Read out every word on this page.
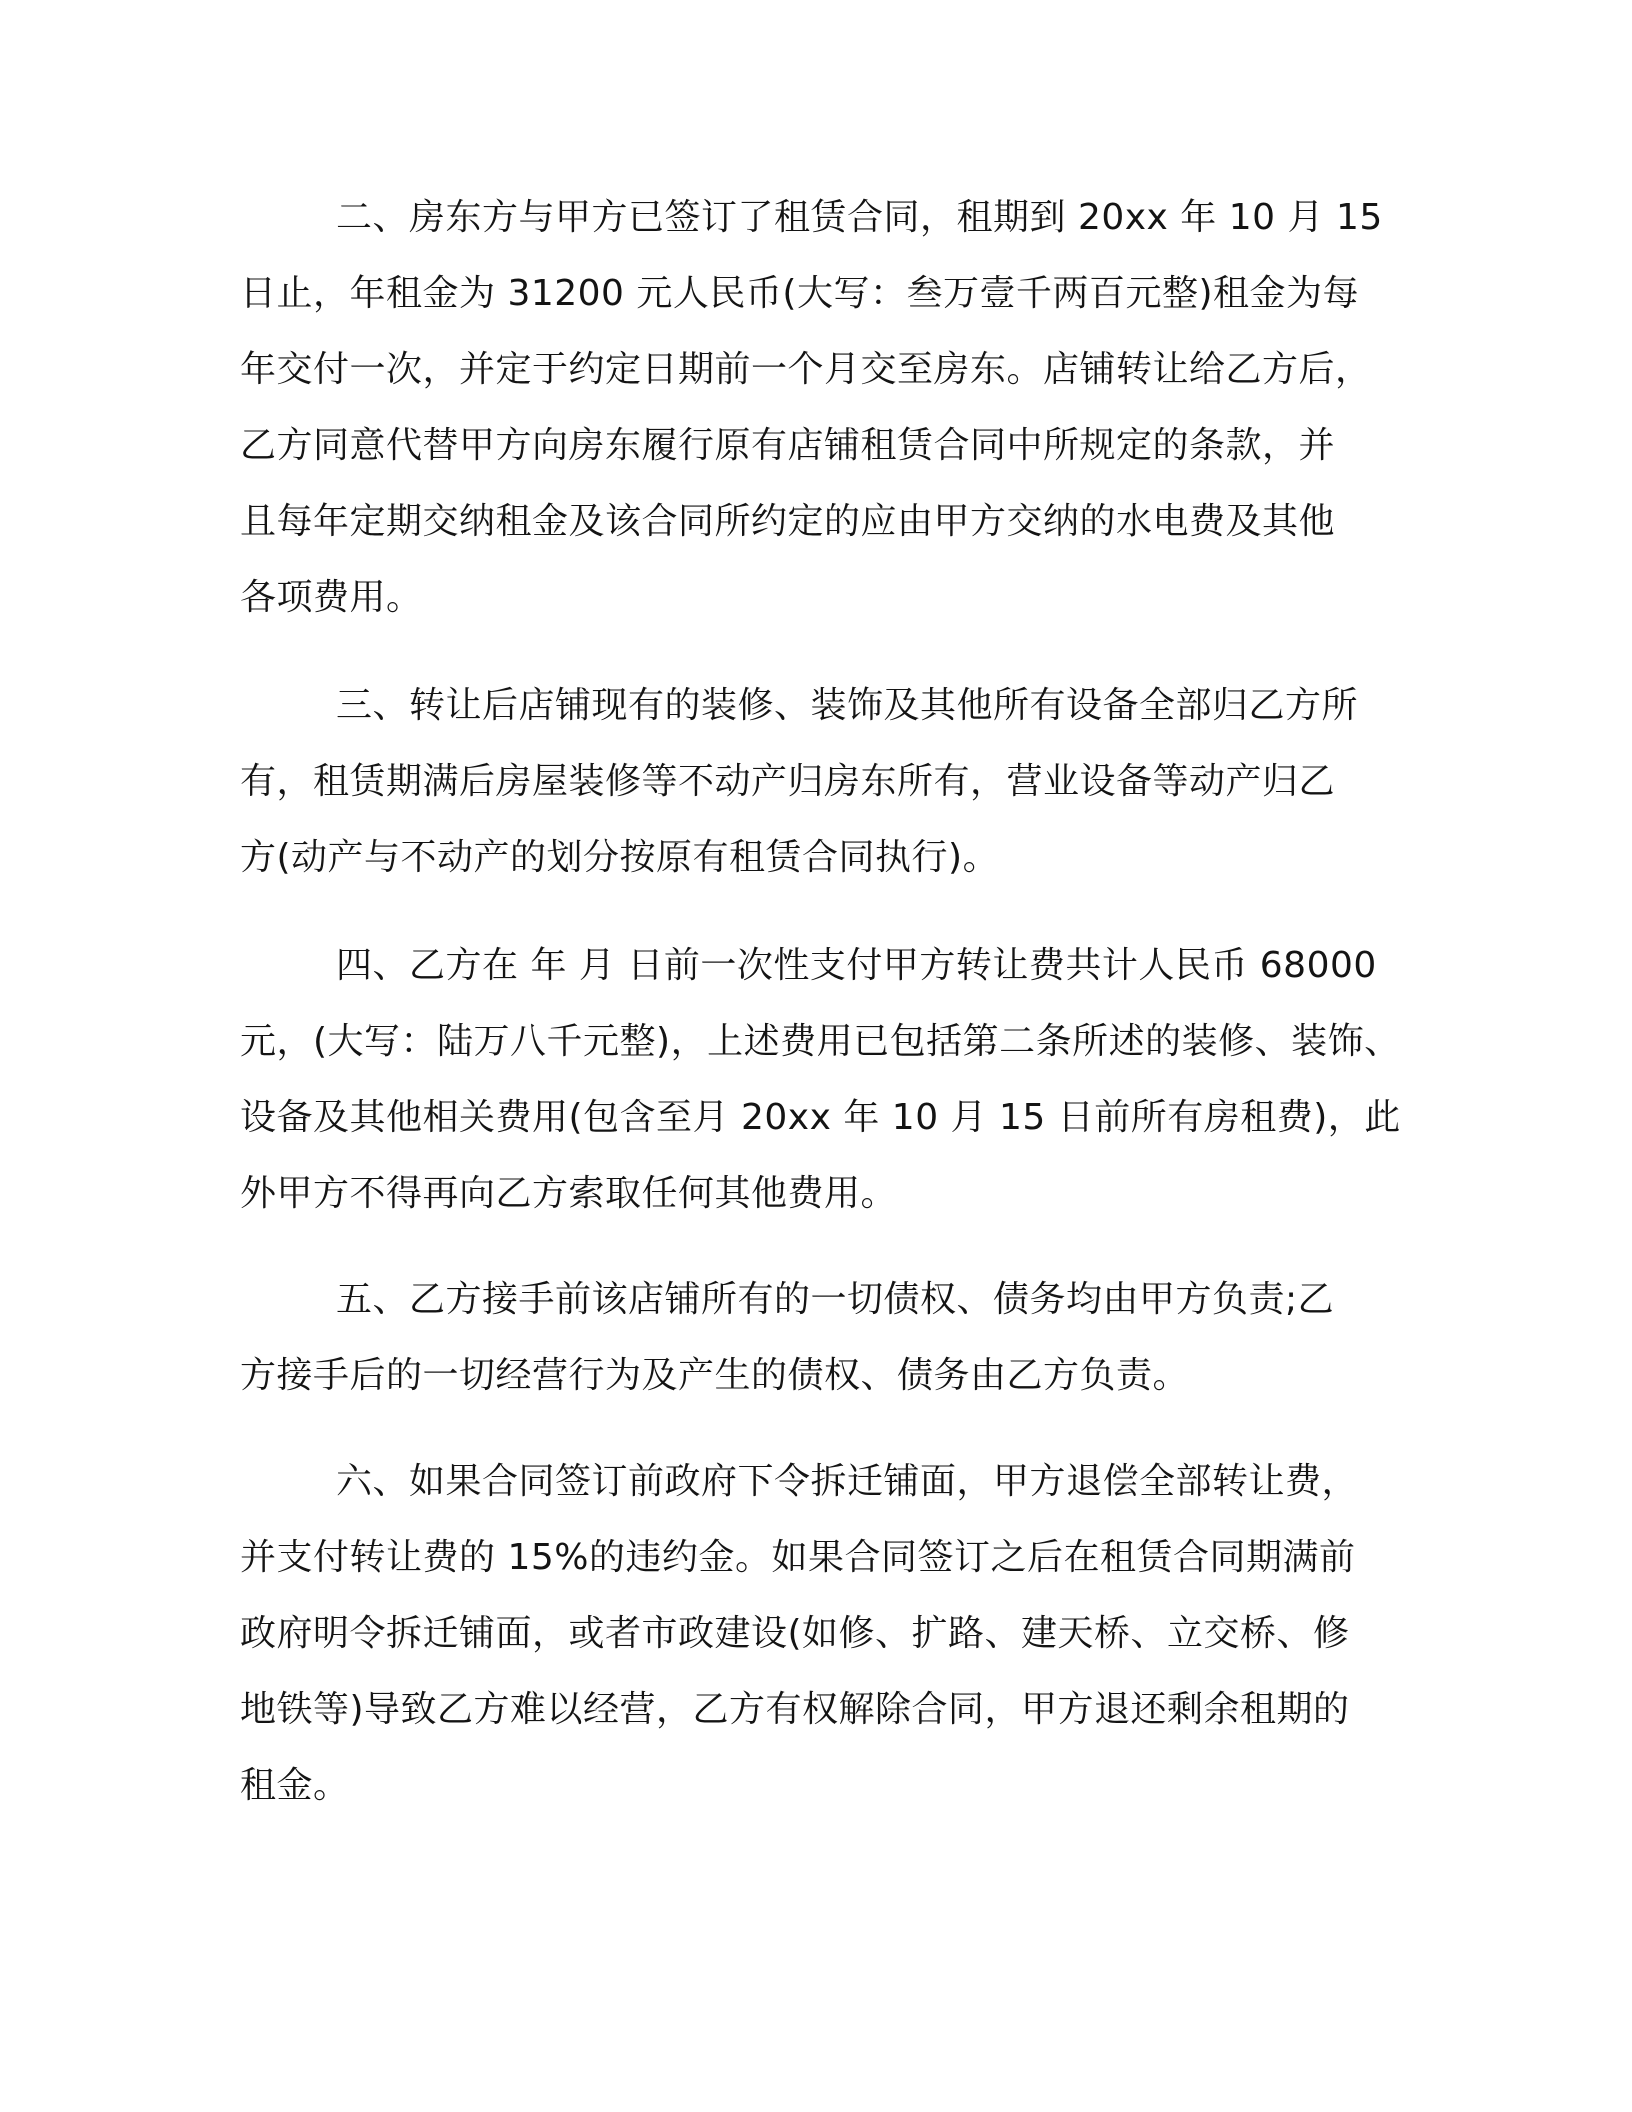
二、房东方与甲方已签订了租赁合同，租期到 20xx 年 10 月 15
日止，年租金为 31200 元人民币(大写：叁万壹千两百元整)租金为每
年交付一次，并定于约定日期前一个月交至房东。店铺转让给乙方后，
乙方同意代替甲方向房东履行原有店铺租赁合同中所规定的条款，并
且每年定期交纳租金及该合同所约定的应由甲方交纳的水电费及其他
各项费用。
三、转让后店铺现有的装修、装饰及其他所有设备全部归乙方所
有，租赁期满后房屋装修等不动产归房东所有，营业设备等动产归乙
方(动产与不动产的划分按原有租赁合同执行)。
四、乙方在 年 月 日前一次性支付甲方转让费共计人民币 68000
元，(大写：陆万八千元整)，上述费用已包括第二条所述的装修、装饰、
设备及其他相关费用(包含至月 20xx 年 10 月 15 日前所有房租费)，此
外甲方不得再向乙方索取任何其他费用。
五、乙方接手前该店铺所有的一切债权、债务均由甲方负责;乙
方接手后的一切经营行为及产生的债权、债务由乙方负责。
六、如果合同签订前政府下令拆迁铺面，甲方退偿全部转让费，
并支付转让费的 15%的违约金。如果合同签订之后在租赁合同期满前
政府明令拆迁铺面，或者市政建设(如修、扩路、建天桥、立交桥、修
地铁等)导致乙方难以经营，乙方有权解除合同，甲方退还剩余租期的
租金。
